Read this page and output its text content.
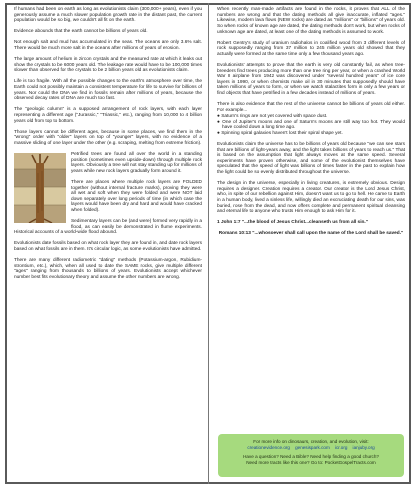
If humans had been on earth as long as evolutionists claim (300,000+ years), even if you generously assume a much slower population growth rate in the distant past, the current population would be so big, we couldn't all fit on the earth.

Evidence abounds that the earth cannot be billions of years old.

Not enough salt and mud has accumulated in the seas. The oceans are only 3.6% salt. There would be much more salt in the oceans after millions of years of erosion.

The large amount of helium in zircon crystals and the measured rate at which it leaks out show the crystals to be 6000 years old. The leakage rate would have to be 100,000 times slower than observed for the crystals to be 2 billion years old as evolutionists claim.

Life is too fragile. With all the possible changes to the earth's atmosphere over time, the Earth could not possibly maintain a consistent temperature for life to survive for billions of years. Nor could the DNA we find in fossils remain after millions of years, because the observed decay rates of DNA are much too fast.

The "geologic column" is a supposed arrangement of rock layers, with each layer representing a different age ("Jurassic," "Triassic," etc.), ranging from 10,000 to 4 billion years old from top to bottom.

Those layers cannot be different ages, because in some places, we find them in the "wrong" order with "older" layers on top of "younger" layers, with no evidence of a massive sliding of one layer under the other (e.g. scraping, melting from extreme friction).

Petrified trees are found all over the world in a standing position (sometimes even upside-down) through multiple rock layers. Obviously a tree will not stay standing up for millions of years while new rock layers gradually form around it.

There are places where multiple rock layers are FOLDED together (without internal fracture marks), proving they were all wet and soft when they were folded and were NOT laid down separately over long periods of time (in which case the layers would have been dry and hard and would have cracked when folded).

Sedimentary layers can be (and were) formed very rapidly in a flood, as can easily be demonstrated in flume experiments. Historical accounts of a world-wide flood abound.

Evolutionists date fossils based on what rock layer they are found in, and date rock layers based on what fossils are in them. It's circular logic, as some evolutionists have admitted.

There are many different radiometric "dating" methods (Potassium-argon, Rubidium-strontium, etc.), which, when all used to date the SAME rocks, give multiple different "ages" ranging from thousands to billions of years. Evolutionists accept whichever number best fits evolutionary theory and assume the other numbers are wrong.

When recently man-made artifacts are found in the rocks, it proves that ALL of the numbers are wrong and that the dating methods all give inaccurate, inflated "ages." Likewise, modern lava flows (NEW rocks) are dated as "millions" or "billions" of years old. So when rocks of known age are dated, the dating methods don't work, but when rocks of unknown age are dated, at least one of the dating methods is assumed to work.

Robert Gentry's study of uranium radiohalos in coalified wood from 3 different levels of rock supposedly ranging from 37 million to 245 million years old showed that they actually were formed at the same time only a few thousand years ago.

Evolutionists' attempts to prove that the earth is very old constantly fail, as when tree-breeders find trees producing more than one tree ring per year, or when a crashed World War II airplane from 1942 was discovered under "several hundred years" of ice core layers in 1990, or when chemists make oil in 30 minutes that supposedly should have taken millions of years to form, or when we watch stalactites form in only a few years or find objects that have petrified in a few decades instead of millions of years.

There is also evidence that the rest of the universe cannot be billions of years old either. For example...

● Saturn's rings are not yet covered with space dust.
● One of Jupiter's moons and one of Saturn's moons are still way too hot. They would have cooled down a long time ago.
● Spinning spiral galaxies haven't lost their spiral shape yet.

Evolutionists claim the universe has to be billions of years old because "we can see stars that are billions of light-years away, and the light takes billions of years to reach us." That is based on the assumption that light always moves at the same speed. Several experiments have proven otherwise, and some of the evolutionist themselves have speculated that the speed of light was billions of times faster in the past to explain how the light could be so evenly distributed throughout the universe.

The design in the universe, especially in living creatures, is extremely obvious. Design requires a designer. Creation requires a creator. Our creator is the Lord Jesus Christ, who, in spite of our rebellion against Him, doesn't want us to go to hell. He came to Earth in a human body, lived a sinless life, willingly died an excruciating death for our sins, was buried, rose from the dead, and now offers complete and permanent spiritual cleansing and eternal life to anyone who trusts Him enough to ask Him for it.

1 John 1:7 "...the blood of Jesus Christ...cleanseth us from all sin."

Romans 10:13 "...whosoever shall call upon the name of the Lord shall be saved."

For more info on dinosaurs, creation, and evolution, visit:
creationevidence.org genesispark.com icr.org ianjuby.org
Have a question? Need a Bible? Need help finding a good church?
Need more tracts like this one? Go to: PocketGospelTracts.com
